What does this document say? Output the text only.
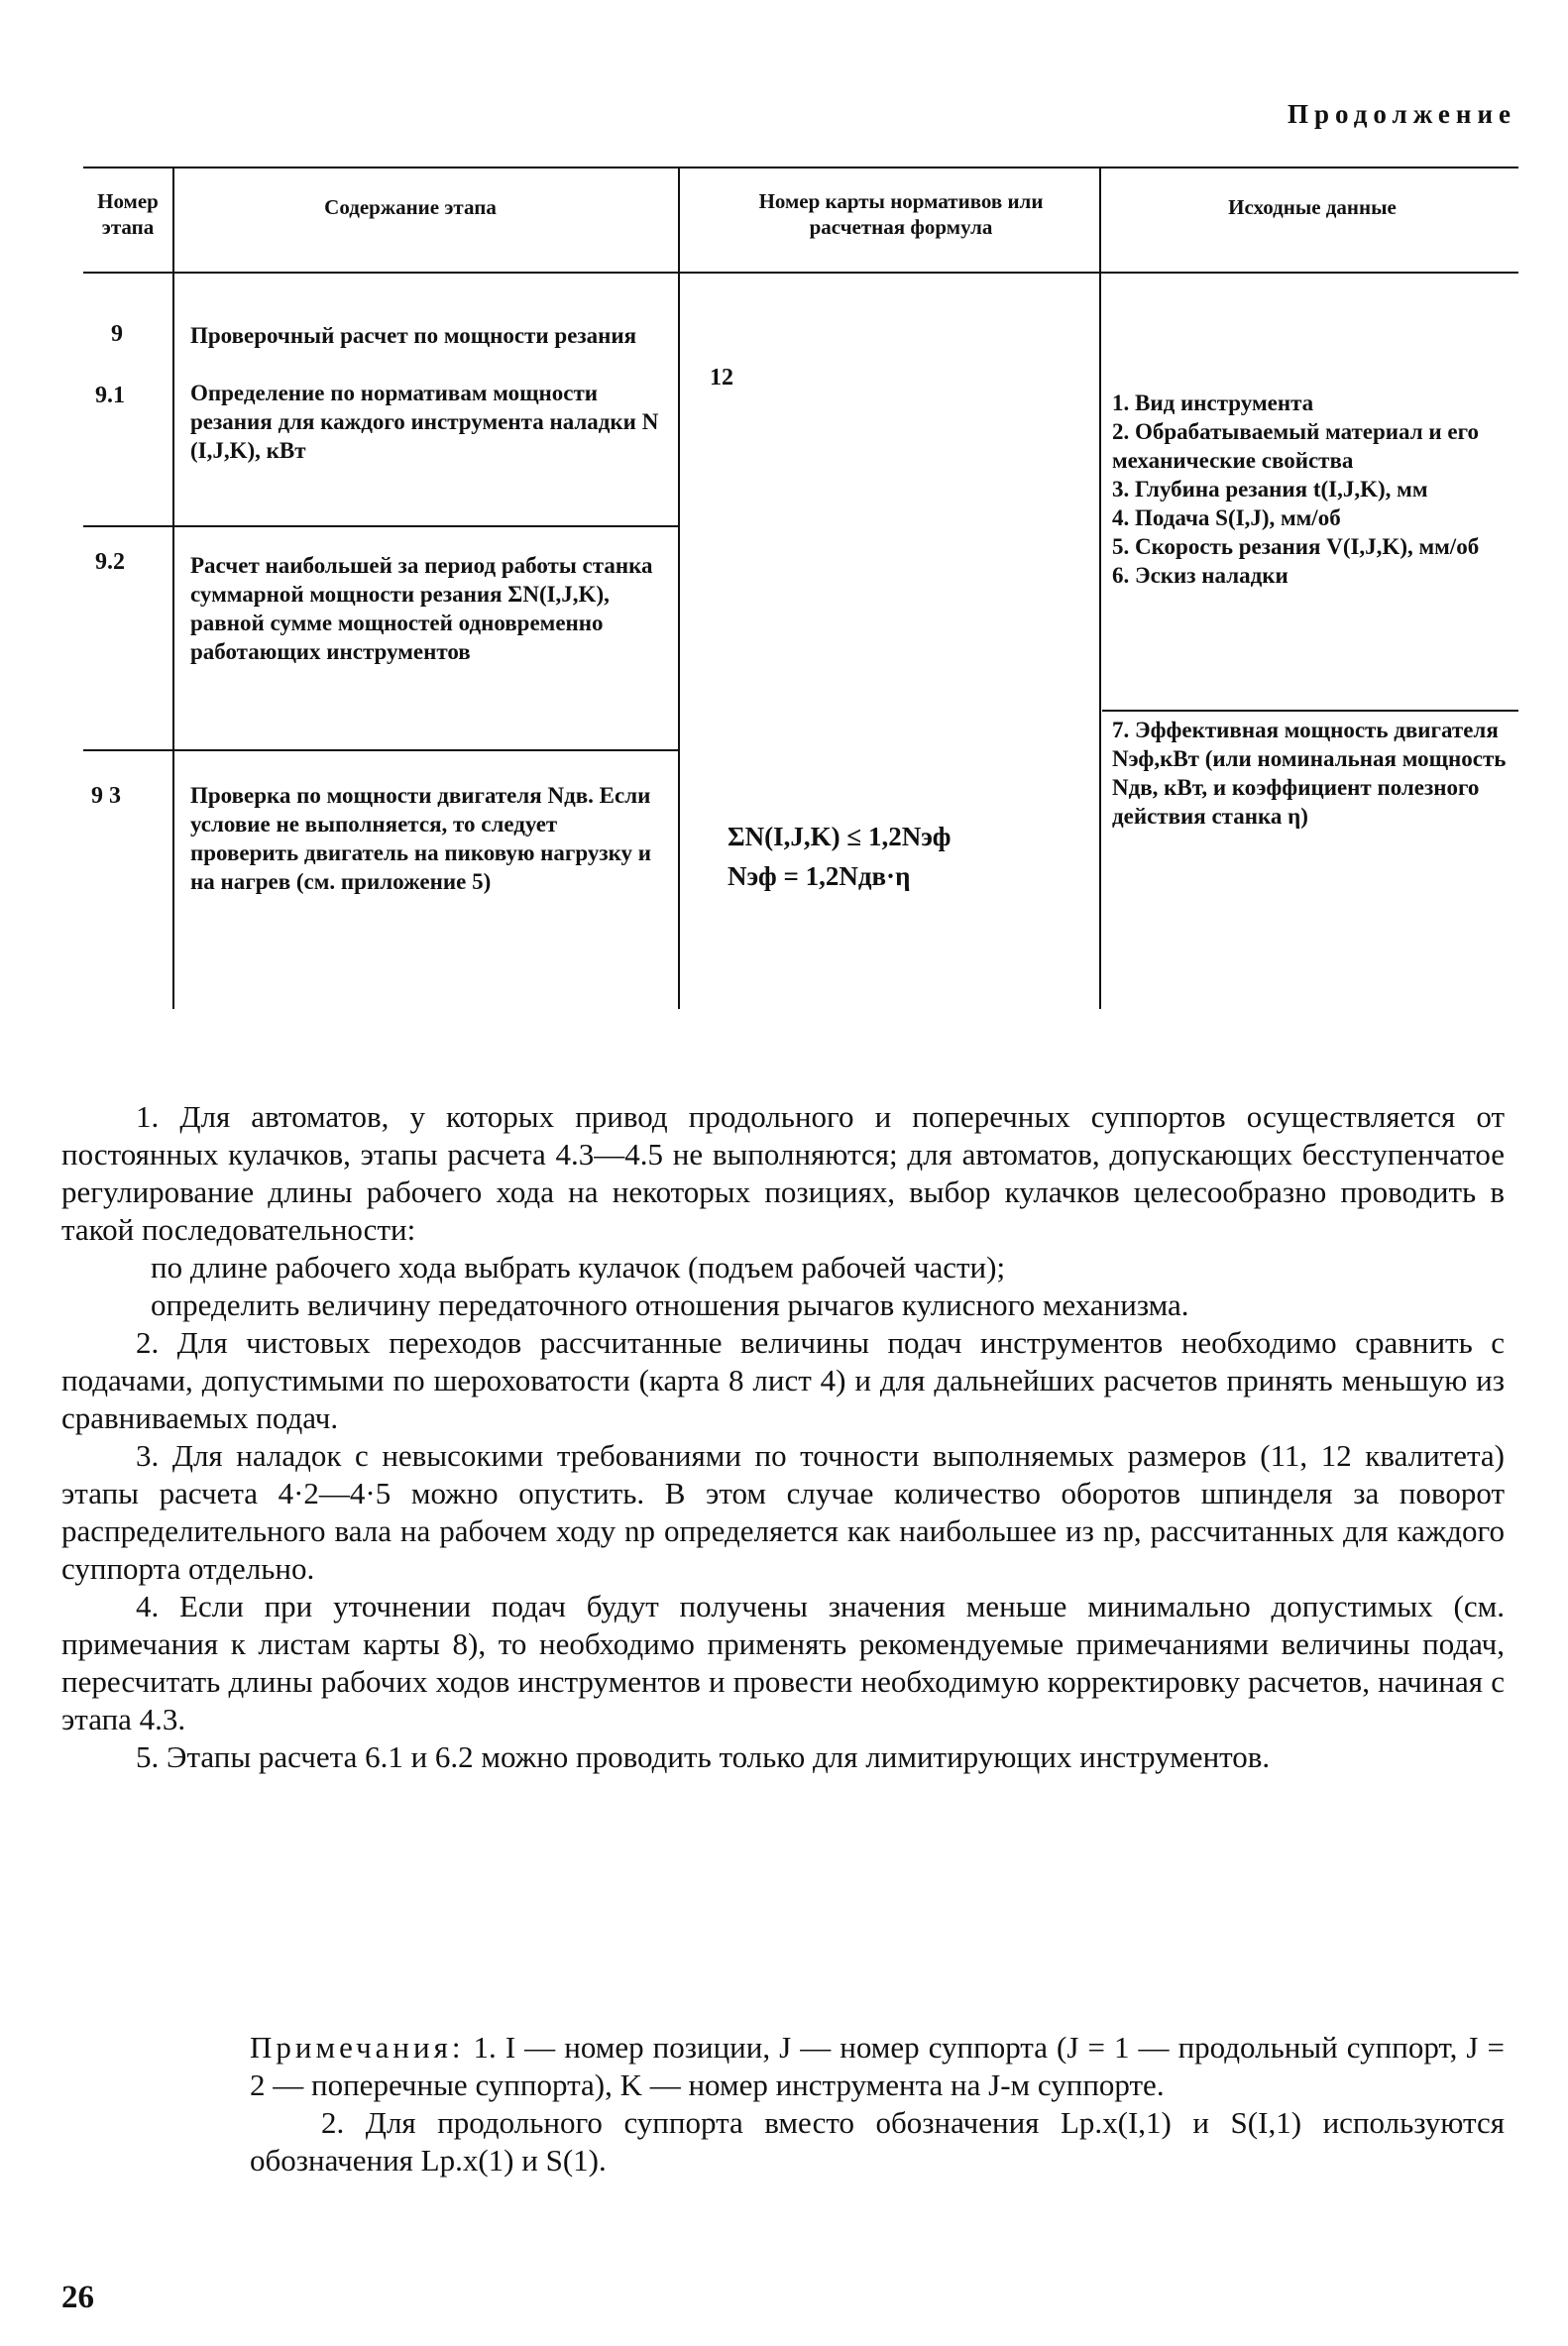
Продолжение
Номер этапа
Содержание этапа	Номер карты нормативов или расчетная формула
Исходные данные
9
9.1
9.2
9 3
Проверочный расчет по мощности резания
Определение по нормативам мощности резания для каждого инструмента наладки N (I,J,K), кВт
Расчет наибольшей за период работы станка суммарной мощности резания ΣN(I,J,K), равной сумме мощностей одновременно работающих инструментов
Проверка по мощности двигателя Nдв. Если условие не выполняется, то следует проверить двигатель на пиковую нагрузку и на нагрев (см. приложение 5)
12
ΣN(I,J,K) ≤ 1,2Nэф
Nэф = 1,2Nдв·η
1. Вид инструмента
2. Обрабатываемый материал и его механические свойства
3. Глубина резания t(I,J,K), мм
4. Подача S(I,J), мм/об
5. Скорость резания V(I,J,K), мм/об
6. Эскиз наладки
7. Эффективная мощность двигателя Nэф,кВт (или номинальная мощность Nдв, кВт, и коэффициент полезного действия станка η)

1. Для автоматов, у которых привод продольного и поперечных суппортов осуществляется от постоянных кулачков, этапы расчета 4.3—4.5 не выполняются; для автоматов, допускающих бесступенчатое регулирование длины рабочего хода на некоторых позициях, выбор кулачков целесообразно проводить в такой последовательности:

по длине рабочего хода выбрать кулачок (подъем рабочей части);

определить величину передаточного отношения рычагов кулисного механизма.

2. Для чистовых переходов рассчитанные величины подач инструментов необходимо сравнить с подачами, допустимыми по шероховатости (карта 8 лист 4) и для дальнейших расчетов принять меньшую из сравниваемых подач.

3. Для наладок с невысокими требованиями по точности выполняемых размеров (11, 12 квалитета) этапы расчета 4·2—4·5 можно опустить. В этом случае количество оборотов шпинделя за поворот распределительного вала на рабочем ходу nр определяется как наибольшее из nр, рассчитанных для каждого суппорта отдельно.

4. Если при уточнении подач будут получены значения меньше минимально допустимых (см. примечания к листам карты 8), то необходимо применять рекомендуемые примечаниями величины подач, пересчитать длины рабочих ходов инструментов и провести необходимую корректировку расчетов, начиная с этапа 4.3.

5. Этапы расчета 6.1 и 6.2 можно проводить только для лимитирующих инструментов.

Примечания: 1. I — номер позиции, J — номер суппорта (J = 1 — продольный суппорт, J = 2 — поперечные суппорта), K — номер инструмента на J-м суппорте.

2. Для продольного суппорта вместо обозначения Lр.х(I,1) и S(I,1) используются обозначения Lр.х(1) и S(1).

26
